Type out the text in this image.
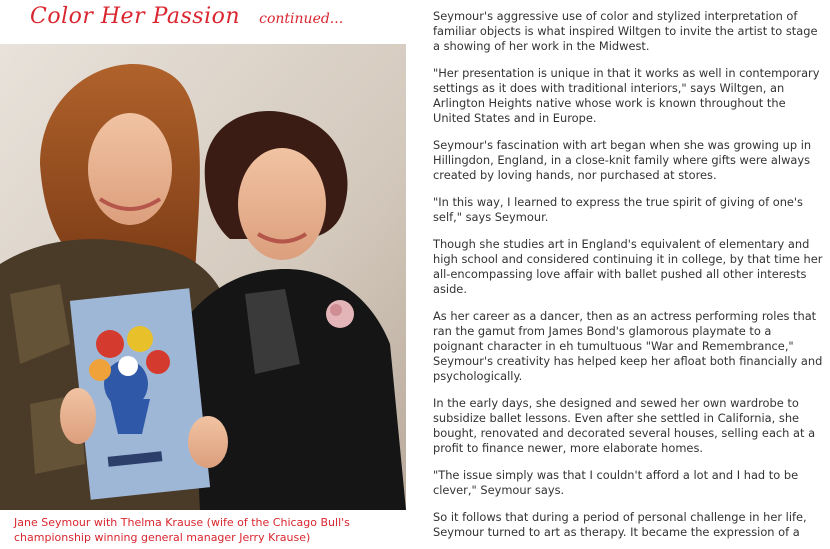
Color Her Passion continued...

Jane Seymour with Thelma Krause (wife of the Chicago Bull's championship winning general manager Jerry Krause)

Seymour's aggressive use of color and stylized interpretation of familiar objects is what inspired Wiltgen to invite the artist to stage a showing of her work in the Midwest.

"Her presentation is unique in that it works as well in contemporary settings as it does with traditional interiors," says Wiltgen, an Arlington Heights native whose work is known throughout the United States and in Europe.

Seymour's fascination with art began when she was growing up in Hillingdon, England, in a close-knit family where gifts were always created by loving hands, nor purchased at stores.

"In this way, I learned to express the true spirit of giving of one's self," says Seymour.

Though she studies art in England's equivalent of elementary and high school and considered continuing it in college, by that time her all-encompassing love affair with ballet pushed all other interests aside.

As her career as a dancer, then as an actress performing roles that ran the gamut from James Bond's glamorous playmate to a poignant character in eh tumultuous "War and Remembrance," Seymour's creativity has helped keep her afloat both financially and psychologically.

In the early days, she designed and sewed her own wardrobe to subsidize ballet lessons. Even after she settled in California, she bought, renovated and decorated several houses, selling each at a profit to finance newer, more elaborate homes.

"The issue simply was that I couldn't afford a lot and I had to be clever," Seymour says.

So it follows that during a period of personal challenge in her life, Seymour turned to art as therapy. It became the expression of a
